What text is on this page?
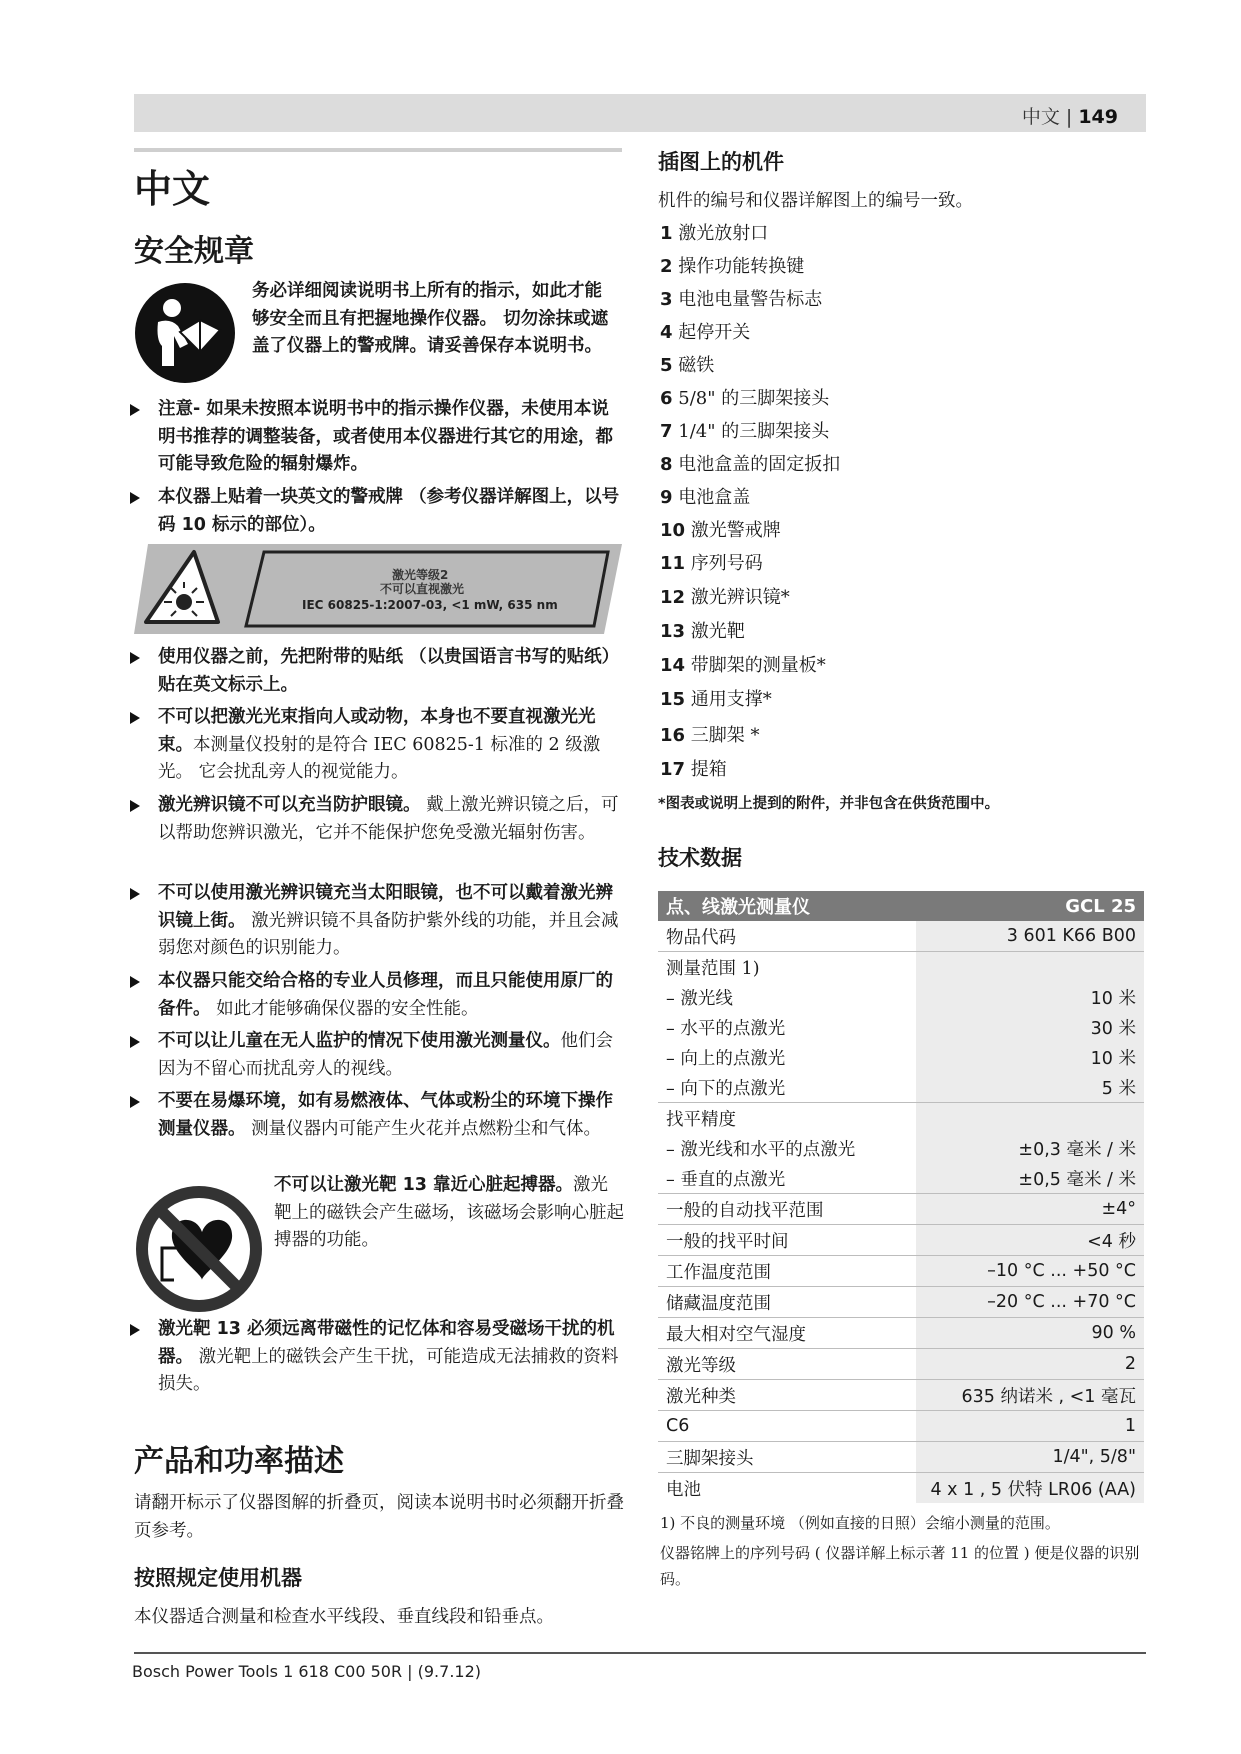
中文 | 149
中文
安全规章
务必详细阅读说明书上所有的指示，如此才能够安全而且有把握地操作仪器。 切勿涂抹或遮盖了仪器上的警戒牌。请妥善保存本说明书。
注意- 如果未按照本说明书中的指示操作仪器，未使用本说明书推荐的调整装备，或者使用本仪器进行其它的用途，都可能导致危险的辐射爆炸。
本仪器上贴着一块英文的警戒牌 （参考仪器详解图上，以号码 10 标示的部位）。
激光等级2
不可以直视激光
IEC 60825-1:2007-03, <1 mW, 635 nm
使用仪器之前，先把附带的贴纸 （以贵国语言书写的贴纸）贴在英文标示上。
不可以把激光光束指向人或动物，本身也不要直视激光光束。本测量仪投射的是符合 IEC 60825-1 标准的 2 级激光。 它会扰乱旁人的视觉能力。
激光辨识镜不可以充当防护眼镜。 戴上激光辨识镜之后，可以帮助您辨识激光，它并不能保护您免受激光辐射伤害。
不可以使用激光辨识镜充当太阳眼镜，也不可以戴着激光辨识镜上街。 激光辨识镜不具备防护紫外线的功能，并且会减弱您对颜色的识别能力。
本仪器只能交给合格的专业人员修理，而且只能使用原厂的备件。 如此才能够确保仪器的安全性能。
不可以让儿童在无人监护的情况下使用激光测量仪。他们会因为不留心而扰乱旁人的视线。
不要在易爆环境，如有易燃液体、气体或粉尘的环境下操作测量仪器。 测量仪器内可能产生火花并点燃粉尘和气体。
不可以让激光靶 13 靠近心脏起搏器。激光靶上的磁铁会产生磁场，该磁场会影响心脏起搏器的功能。
激光靶 13 必须远离带磁性的记忆体和容易受磁场干扰的机器。 激光靶上的磁铁会产生干扰，可能造成无法捕救的资料损失。
产品和功率描述
请翻开标示了仪器图解的折叠页，阅读本说明书时必须翻开折叠页参考。
按照规定使用机器
本仪器适合测量和检查水平线段、垂直线段和铅垂点。
插图上的机件
机件的编号和仪器详解图上的编号一致。
1 激光放射口
2 操作功能转换键
3 电池电量警告标志
4 起停开关
5 磁铁
6 5/8" 的三脚架接头
7 1/4" 的三脚架接头
8 电池盒盖的固定扳扣
9 电池盒盖
10 激光警戒牌
11 序列号码
12 激光辨识镜*
13 激光靶
14 带脚架的测量板*
15 通用支撑*
16 三脚架 *
17 提箱
*图表或说明上提到的附件，并非包含在供货范围中。
技术数据
点、线激光测量仪	GCL 25
物品代码	3 601 K66 B00
测量范围 1)
– 激光线	10 米
– 水平的点激光	30 米
– 向上的点激光	10 米
– 向下的点激光	5 米
找平精度
– 激光线和水平的点激光	±0,3 毫米 / 米
– 垂直的点激光	±0,5 毫米 / 米
一般的自动找平范围	±4°
一般的找平时间	<4 秒
工作温度范围	–10 °C ... +50 °C
储藏温度范围	–20 °C ... +70 °C
最大相对空气湿度	90 %
激光等级	2
激光种类	635 纳诺米 , <1 毫瓦
C6	1
三脚架接头	1/4", 5/8"
电池	4 x 1 , 5 伏特 LR06 (AA)
1) 不良的测量环境 （例如直接的日照）会缩小测量的范围。
仪器铭牌上的序列号码 ( 仪器详解上标示著 11 的位置 ) 便是仪器的识别码。
Bosch Power Tools 1 618 C00 50R | (9.7.12)
